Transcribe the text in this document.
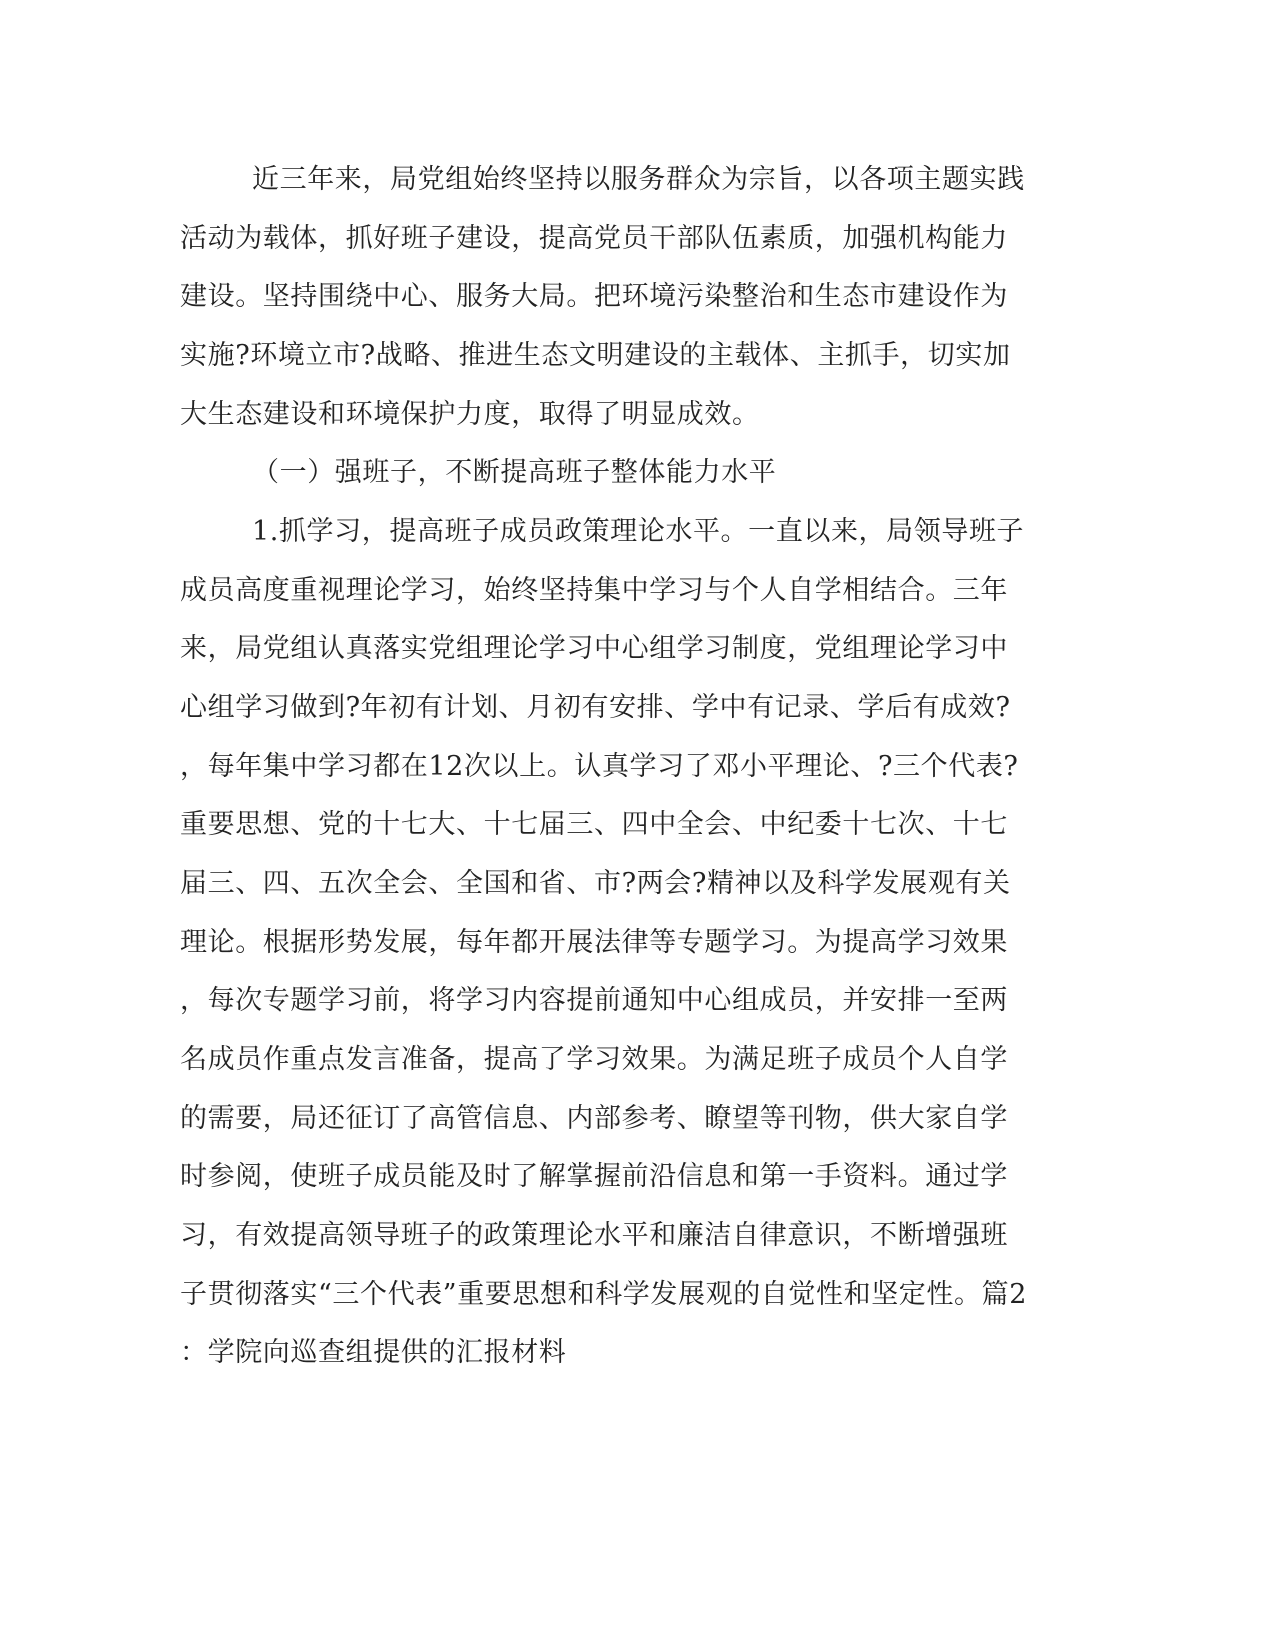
近三年来，局党组始终坚持以服务群众为宗旨，以各项主题实践
活动为载体，抓好班子建设，提高党员干部队伍素质，加强机构能力
建设。坚持围绕中心、服务大局。把环境污染整治和生态市建设作为
实施?环境立市?战略、推进生态文明建设的主载体、主抓手，切实加
大生态建设和环境保护力度，取得了明显成效。
（一）强班子，不断提高班子整体能力水平
1.抓学习，提高班子成员政策理论水平。一直以来，局领导班子
成员高度重视理论学习，始终坚持集中学习与个人自学相结合。三年
来，局党组认真落实党组理论学习中心组学习制度，党组理论学习中
心组学习做到?年初有计划、月初有安排、学中有记录、学后有成效?
，每年集中学习都在12次以上。认真学习了邓小平理论、?三个代表?
重要思想、党的十七大、十七届三、四中全会、中纪委十七次、十七
届三、四、五次全会、全国和省、市?两会?精神以及科学发展观有关
理论。根据形势发展，每年都开展法律等专题学习。为提高学习效果
，每次专题学习前，将学习内容提前通知中心组成员，并安排一至两
名成员作重点发言准备，提高了学习效果。为满足班子成员个人自学
的需要，局还征订了高管信息、内部参考、瞭望等刊物，供大家自学
时参阅，使班子成员能及时了解掌握前沿信息和第一手资料。通过学
习，有效提高领导班子的政策理论水平和廉洁自律意识，不断增强班
子贯彻落实“三个代表”重要思想和科学发展观的自觉性和坚定性。篇2
：学院向巡查组提供的汇报材料
